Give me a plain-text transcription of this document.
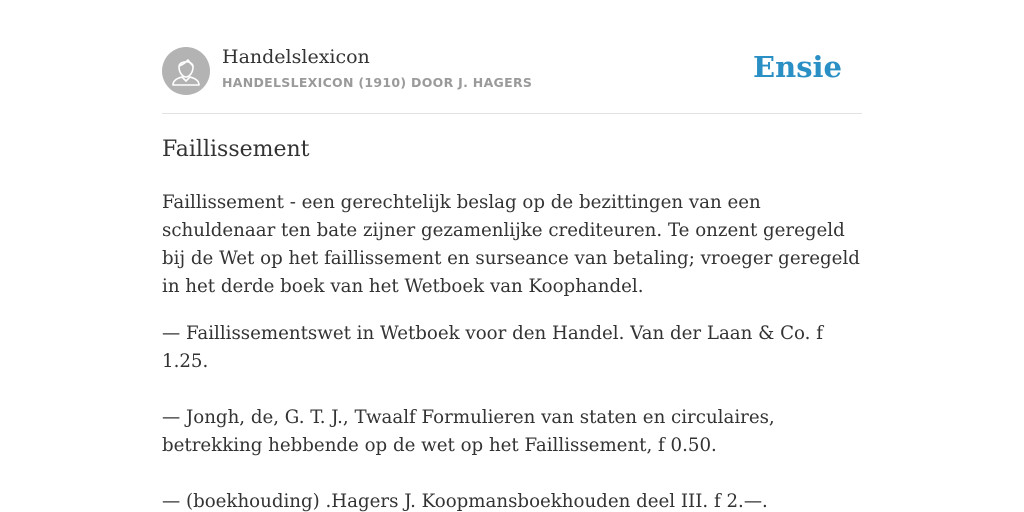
Handelslexicon
HANDELSLEXICON (1910) DOOR J. HAGERS	Ensie
Faillissement

Faillissement - een gerechtelijk beslag op de bezittingen van een schuldenaar ten bate zijner gezamenlijke crediteuren. Te onzent geregeld bij de Wet op het faillissement en surseance van betaling; vroeger geregeld in het derde boek van het Wetboek van Koophandel.

— Faillissementswet in Wetboek voor den Handel. Van der Laan & Co. f 1.25.

— Jongh, de, G. T. J., Twaalf Formulieren van staten en circulaires, betrekking hebbende op de wet op het Faillissement, f 0.50.

— (boekhouding) .Hagers J. Koopmansboekhouden deel III. f 2.—.
